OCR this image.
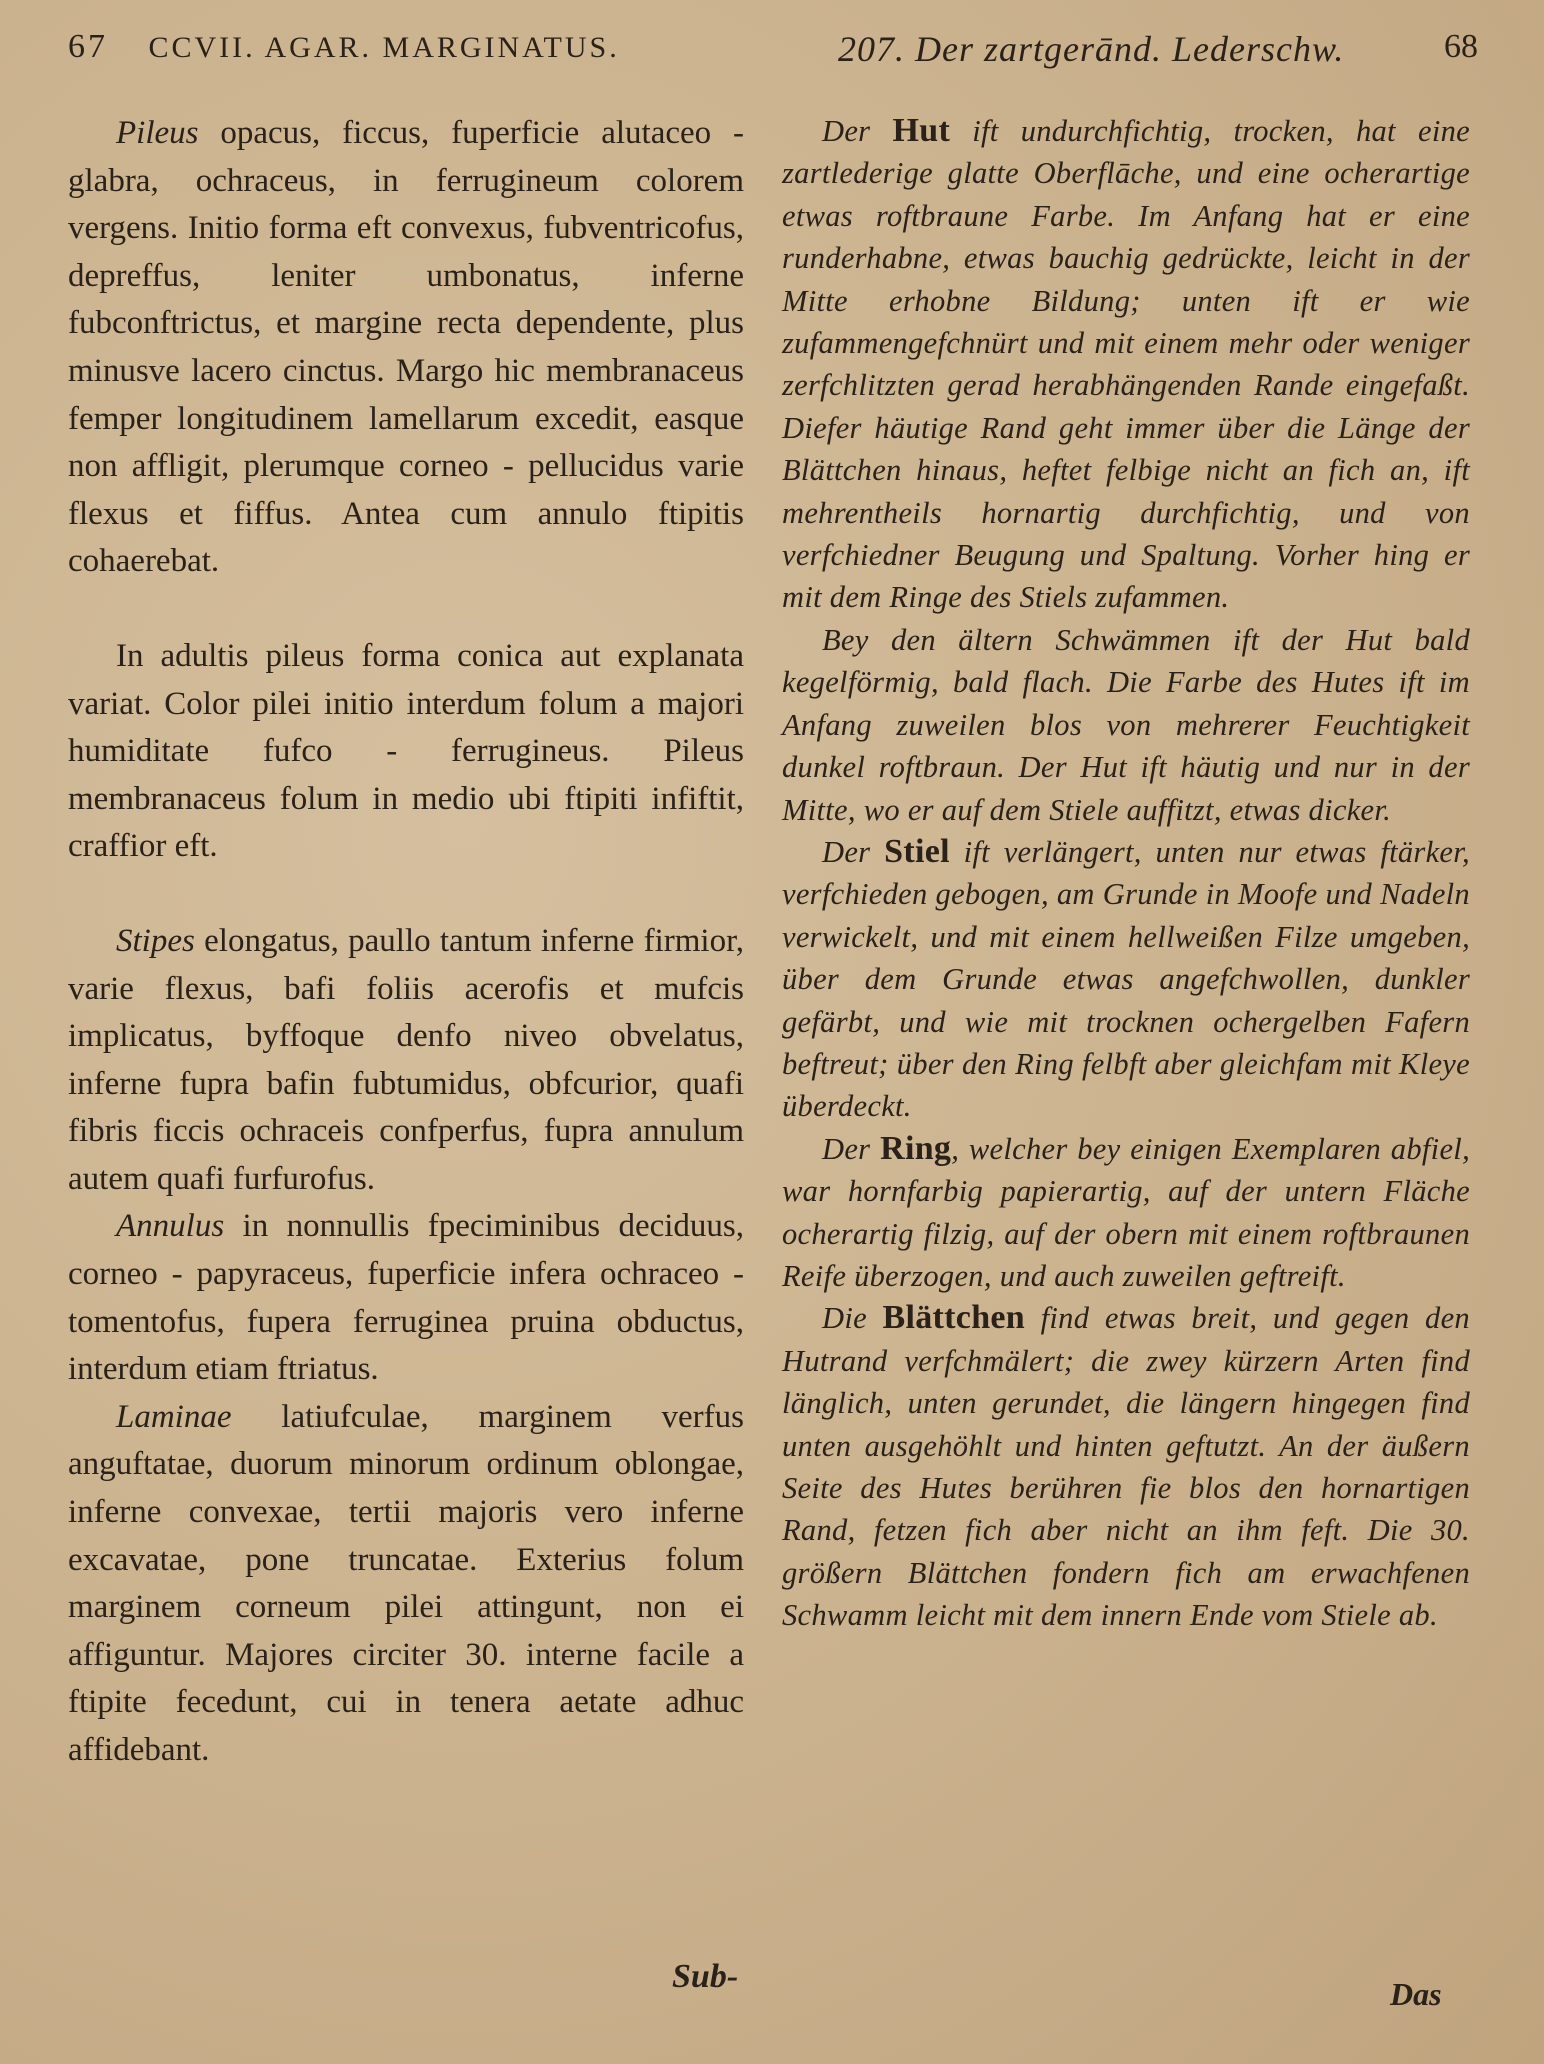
67 CCVII. AGAR. MARGINATUS.	207. Der zartgerānd. Lederschw.	68

Pileus opacus, ficcus, fuperficie alutaceo - glabra, ochraceus, in ferrugineum colorem vergens. Initio forma eft convexus, fubventricofus, depreffus, leniter umbonatus, inferne fubconftrictus, et margine recta dependente, plus minusve lacero cinctus. Margo hic membranaceus femper longitudinem lamellarum excedit, easque non affligit, plerumque corneo - pellucidus varie flexus et fiffus. Antea cum annulo ftipitis cohaerebat.

In adultis pileus forma conica aut explanata variat. Color pilei initio interdum folum a majori humiditate fufco - ferrugineus. Pileus membranaceus folum in medio ubi ftipiti infiftit, craffior eft.

Stipes elongatus, paullo tantum inferne firmior, varie flexus, bafi foliis acerofis et mufcis implicatus, byffoque denfo niveo obvelatus, inferne fupra bafin fubtumidus, obfcurior, quafi fibris ficcis ochraceis confperfus, fupra annulum autem quafi furfurofus.

Annulus in nonnullis fpeciminibus deciduus, corneo - papyraceus, fuperficie infera ochraceo - tomentofus, fupera ferruginea pruina obductus, interdum etiam ftriatus.

Laminae latiufculae, marginem verfus anguftatae, duorum minorum ordinum oblongae, inferne convexae, tertii majoris vero inferne excavatae, pone truncatae. Exterius folum marginem corneum pilei attingunt, non ei affiguntur. Majores circiter 30. interne facile a ftipite fecedunt, cui in tenera aetate adhuc affidebant.

Der Hut ift undurchfichtig, trocken, hat eine zartlederige glatte Oberflāche, und eine ocherartige etwas roftbraune Farbe. Im Anfang hat er eine runderhabne, etwas bauchig gedrückte, leicht in der Mitte erhobne Bildung; unten ift er wie zufammengefchnürt und mit einem mehr oder weniger zerfchlitzten gerad herabhängenden Rande eingefaßt. Diefer häutige Rand geht immer über die Länge der Blättchen hinaus, heftet felbige nicht an fich an, ift mehrentheils hornartig durchfichtig, und von verfchiedner Beugung und Spaltung. Vorher hing er mit dem Ringe des Stiels zufammen.

Bey den ältern Schwämmen ift der Hut bald kegelförmig, bald flach. Die Farbe des Hutes ift im Anfang zuweilen blos von mehrerer Feuchtigkeit dunkel roftbraun. Der Hut ift häutig und nur in der Mitte, wo er auf dem Stiele auffitzt, etwas dicker.

Der Stiel ift verlängert, unten nur etwas ftärker, verfchieden gebogen, am Grunde in Moofe und Nadeln verwickelt, und mit einem hellweißen Filze umgeben, über dem Grunde etwas angefchwollen, dunkler gefärbt, und wie mit trocknen ochergelben Fafern beftreut; über den Ring felbft aber gleichfam mit Kleye überdeckt.

Der Ring, welcher bey einigen Exemplaren abfiel, war hornfarbig papierartig, auf der untern Fläche ocherartig filzig, auf der obern mit einem roftbraunen Reife überzogen, und auch zuweilen geftreift.

Die Blättchen find etwas breit, und gegen den Hutrand verfchmälert; die zwey kürzern Arten find länglich, unten gerundet, die längern hingegen find unten ausgehöhlt und hinten geftutzt. An der äußern Seite des Hutes berühren fie blos den hornartigen Rand, fetzen fich aber nicht an ihm feft. Die 30. größern Blättchen fondern fich am erwachfenen Schwamm leicht mit dem innern Ende vom Stiele ab.

Sub-	Das
